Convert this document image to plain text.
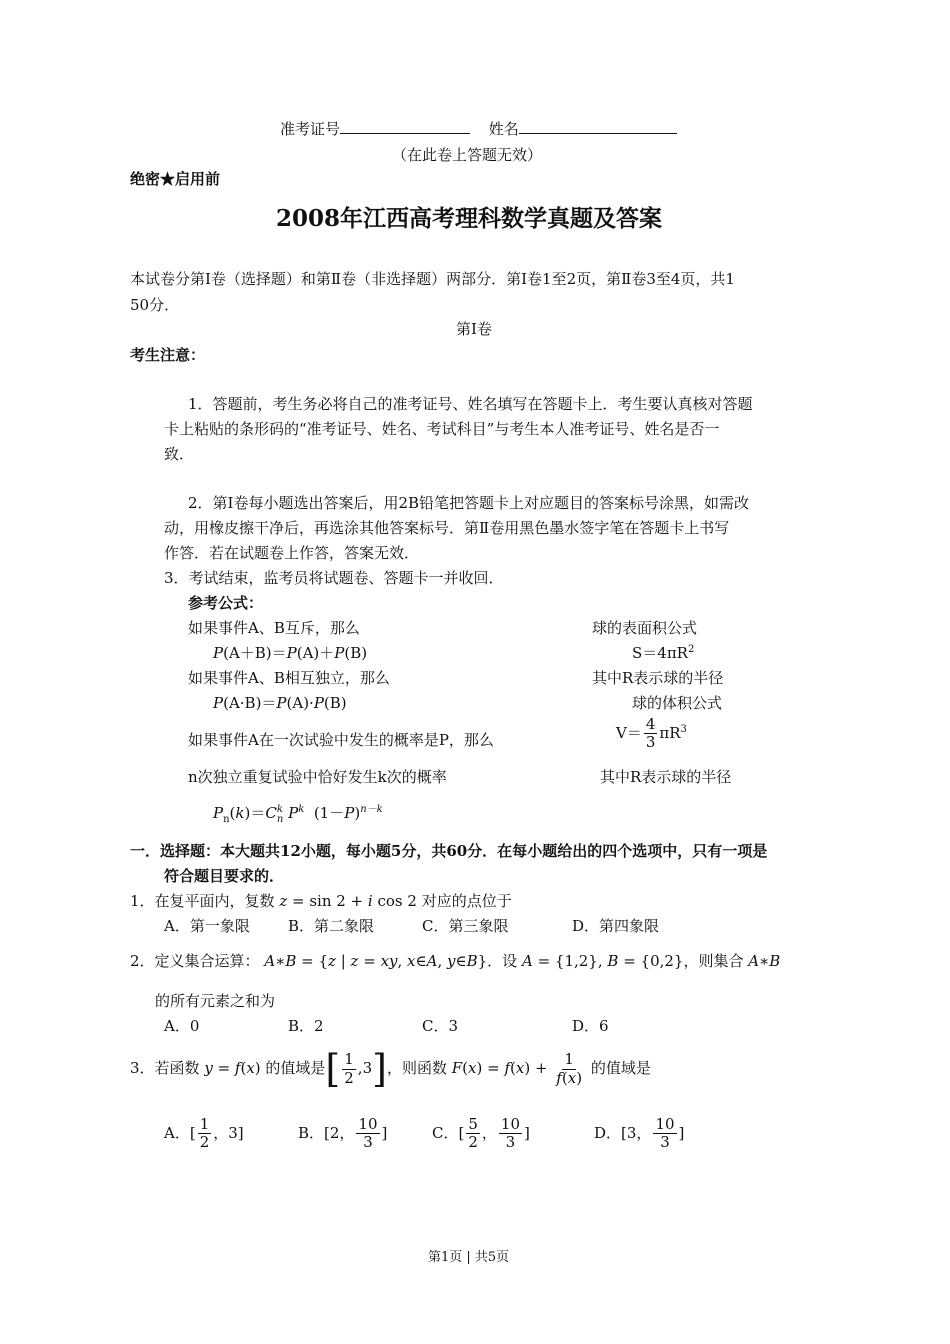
准考证号	姓名
（在此卷上答题无效）
绝密★启用前
2008年江西高考理科数学真题及答案
本试卷分第Ⅰ卷（选择题）和第Ⅱ卷（非选择题）两部分．第Ⅰ卷1至2页，第Ⅱ卷3至4页，共1
50分．
第Ⅰ卷
考生注意：
1．答题前，考生务必将自己的准考证号、姓名填写在答题卡上．考生要认真核对答题
卡上粘贴的条形码的“准考证号、姓名、考试科目”与考生本人准考证号、姓名是否一
致．
2．第Ⅰ卷每小题选出答案后，用2B铅笔把答题卡上对应题目的答案标号涂黑，如需改
动，用橡皮擦干净后，再选涂其他答案标号．第Ⅱ卷用黑色墨水签字笔在答题卡上书写
作答．若在试题卷上作答，答案无效．
3．考试结束，监考员将试题卷、答题卡一并收回．
参考公式：
如果事件A、B互斥，那么	球的表面积公式
P(A＋B)＝P(A)＋P(B)	$S=4\pi R^2$
如果事件A、B相互独立，那么	其中R表示球的半径
P(A·B)＝P(A)·P(B)	球的体积公式
如果事件A在一次试验中发生的概率是P，那么	$V= \frac{4}{3} \pi R^3$
n次独立重复试验中恰好发生k次的概率	其中R表示球的半径
$P_n(k)=C^k_n$ $P^k$  $(1-P)^{n-k}$
一．选择题：本大题共12小题，每小题5分，共60分．在每小题给出的四个选项中，只有一项是
符合题目要求的．
1．在复平面内，复数 z = sin 2 + i cos 2 对应的点位于
A．第一象限	B．第二象限	C．第三象限	D．第四象限
2．定义集合运算： A∗B = {z | z = xy, x∈A, y∈B}．设 A = {1,2}, B = {0,2}，则集合 A∗B
的所有元素之和为
A．0	B．2	C．3	D．6
3．若函数 y = f(x) 的值域是[ $\frac{1}{2} ,3$]，则函数 $F(x) = f(x) + \frac{1}{f(x)}$ 的值域是
A．[ $\frac{1}{2}$ ，3]	B．[2， $\frac{10}{3}$ ]	C．[ $\frac{5}{2}$ ， $\frac{10}{3}$ ]	D．[3， $\frac{10}{3}$ ]
第1页 | 共5页
